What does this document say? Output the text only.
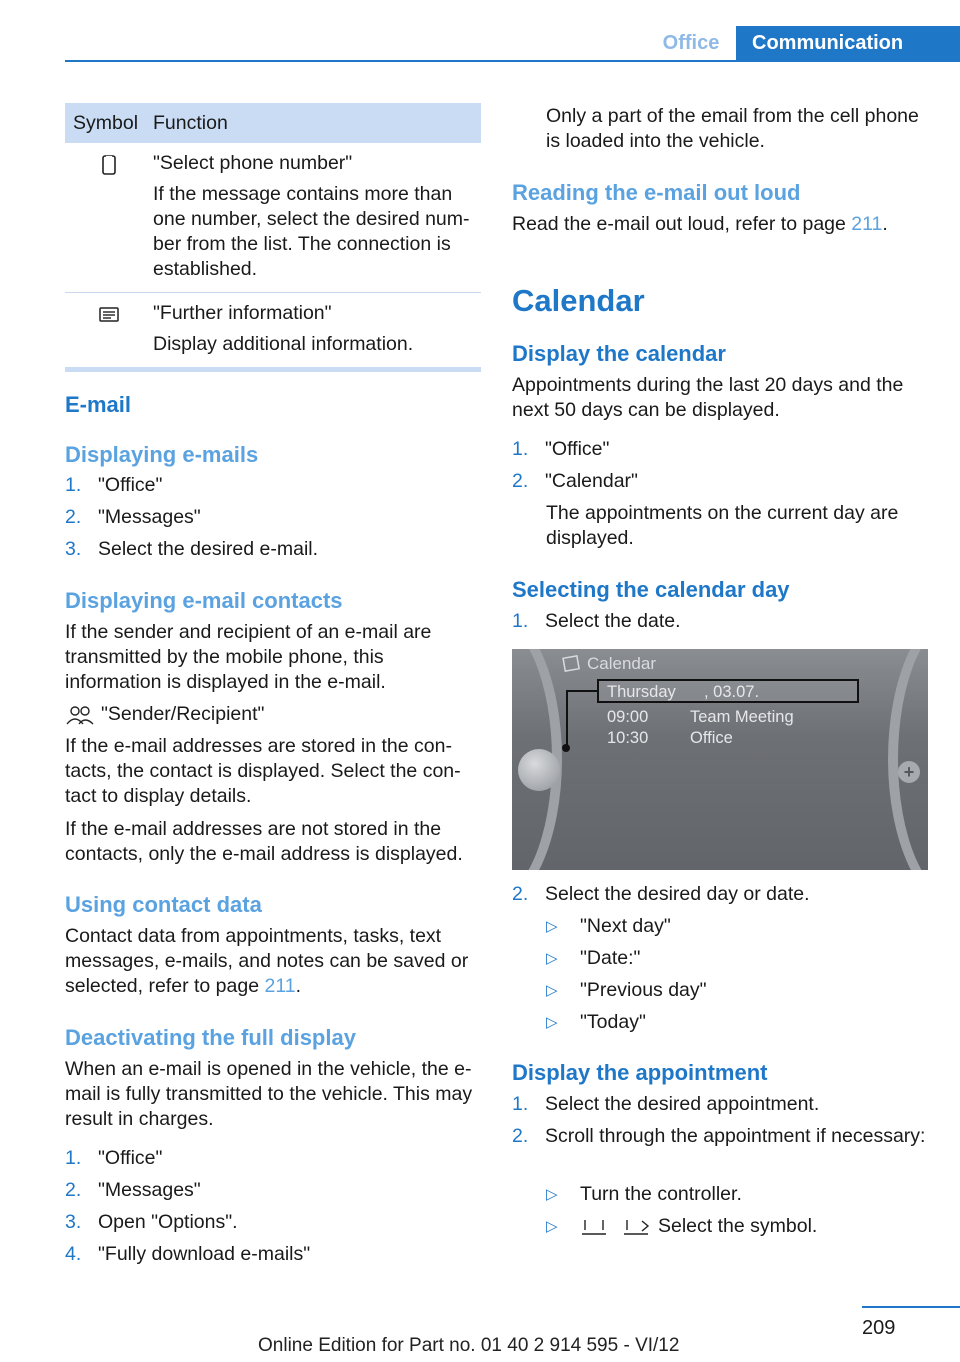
Office	Communication
Symbol Function

"Select phone number"

If the message contains more than one number, select the desired number from the list. The connection is established.

"Further information"

Display additional information.

E-mail
Displaying e-mails
1. "Office"
2. "Messages"
3. Select the desired e-mail.
Displaying e-mail contacts

If the sender and recipient of an e-mail are transmitted by the mobile phone, this information is displayed in the e-mail.

"Sender/Recipient"

If the e-mail addresses are stored in the contacts, the contact is displayed. Select the contact to display details.

If the e-mail addresses are not stored in the contacts, only the e-mail address is displayed.

Using contact data

Contact data from appointments, tasks, text messages, e-mails, and notes can be saved or selected, refer to page 211.

Deactivating the full display

When an e-mail is opened in the vehicle, the e-mail is fully transmitted to the vehicle. This may result in charges.

1. "Office"
2. "Messages"
3. Open "Options".
4. "Fully download e-mails"

Only a part of the email from the cell phone is loaded into the vehicle.

Reading the e-mail out loud

Read the e-mail out loud, refer to page 211.

Calendar
Display the calendar

Appointments during the last 20 days and the next 50 days can be displayed.

1. "Office"
2. "Calendar"

The appointments on the current day are displayed.

Selecting the calendar day
1. Select the date.
+
Calendar
Thursday , 03.07.
09:00	Team Meeting
10:30	Office
2. Select the desired day or date.
▷	"Next day"
▷	"Date:"
▷	"Previous day"
▷	"Today"
Display the appointment
1. Select the desired appointment.
2. Scroll through the appointment if necessary:
▷	Turn the controller.
▷	Select the symbol.
209
Online Edition for Part no. 01 40 2 914 595 - VI/12
